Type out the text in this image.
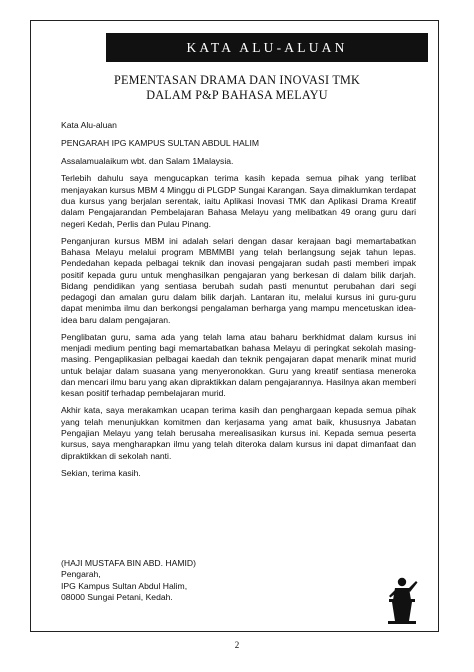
KATA ALU-ALUAN
PEMENTASAN DRAMA DAN INOVASI TMK
DALAM P&P BAHASA MELAYU

Kata Alu-aluan

PENGARAH IPG KAMPUS SULTAN ABDUL HALIM

Assalamualaikum wbt. dan Salam 1Malaysia.

Terlebih dahulu saya mengucapkan terima kasih kepada semua pihak yang terlibat menjayakan kursus MBM 4 Minggu di PLGDP Sungai Karangan. Saya dimaklumkan terdapat dua kursus yang berjalan serentak, iaitu Aplikasi Inovasi TMK dan Aplikasi Drama Kreatif dalam Pengajarandan Pembelajaran Bahasa Melayu yang melibatkan 49 orang guru dari negeri Kedah, Perlis dan Pulau Pinang.

Penganjuran kursus MBM ini adalah selari dengan dasar kerajaan bagi memartabatkan Bahasa Melayu melalui program MBMMBI yang telah berlangsung sejak tahun lepas. Pendedahan kepada pelbagai teknik dan inovasi pengajaran sudah pasti memberi impak positif kepada guru untuk menghasilkan pengajaran yang berkesan di dalam bilik darjah. Bidang pendidikan yang sentiasa berubah sudah pasti menuntut perubahan dari segi pedagogi dan amalan guru dalam bilik darjah. Lantaran itu, melalui kursus ini guru-guru dapat menimba ilmu dan berkongsi pengalaman berharga yang mampu mencetuskan idea-idea baru dalam pengajaran.

Penglibatan guru, sama ada yang telah lama atau baharu berkhidmat dalam kursus ini menjadi medium penting bagi memartabatkan bahasa Melayu di peringkat sekolah masing-masing. Pengaplikasian pelbagai kaedah dan teknik pengajaran dapat menarik minat murid untuk belajar dalam suasana yang menyeronokkan. Guru yang kreatif sentiasa meneroka dan mencari ilmu baru yang akan dipraktikkan dalam pengajarannya. Hasilnya akan memberi kesan positif terhadap pembelajaran murid.

Akhir kata, saya merakamkan ucapan terima kasih dan penghargaan kepada semua pihak yang telah menunjukkan komitmen dan kerjasama yang amat baik, khususnya Jabatan Pengajian Melayu yang telah berusaha merealisasikan kursus ini. Kepada semua peserta kursus, saya mengharapkan ilmu yang telah diteroka dalam kursus ini dapat dimanfaat dan dipraktikkan di sekolah nanti.

Sekian, terima kasih.

(HAJI MUSTAFA BIN ABD. HAMID)
Pengarah,
IPG Kampus Sultan Abdul Halim,
08000 Sungai Petani, Kedah.
2
